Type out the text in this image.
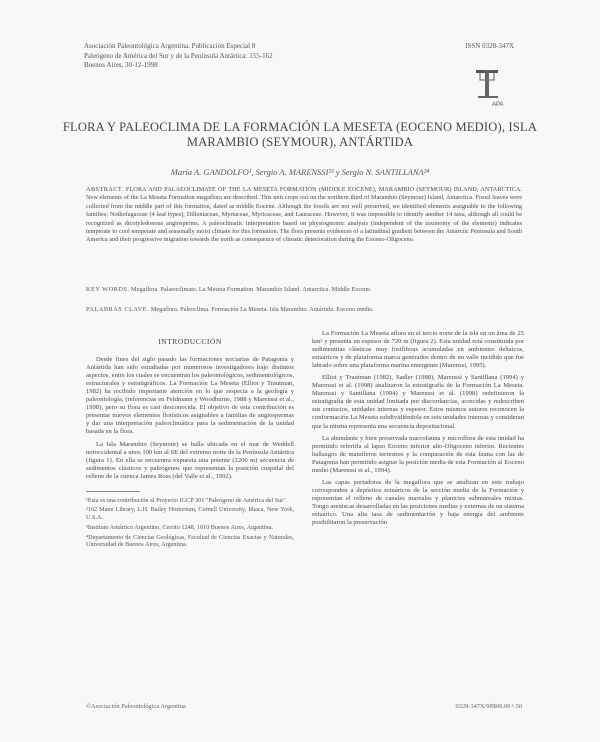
Asociación Paleontológica Argentina. Publicación Especial 8
Paleógeno de América del Sur y de la Península Antártica: 155-162
Buenos Aires, 30-12-1998
ISSN 0328-347X
APA
FLORA Y PALEOCLIMA DE LA FORMACIÓN LA MESETA (EOCENO MEDIO), ISLA MARAMBIO (SEYMOUR), ANTÁRTIDA
María A. GANDOLFO¹, Sergio A. MARENSSI²³ y Sergio N. SANTILLANA²⁴
ABSTRACT. FLORA AND PALAEOCLIMATE OF THE LA MESETA FORMATION (MIDDLE EOCENE), MARAMBIO (SEYMOUR) ISLAND, ANTARCTICA. New elements of the La Meseta Formation megaflora are described. This unit crops out on the northern third of Marambio (Seymour) Island, Antarctica. Fossil leaves were collected from the middle part of this formation, dated as middle Eocene. Although the fossils are not well preserved, we identified elements assignable to the following families: Nothofagaceae (4 leaf types), Dilleniaceae, Myrtaceae, Myricaceae, and Lauraceae. However, it was impossible to identify another 14 taxa, although all could be recognized as dicotyledonous angiosperms. A paleoclimatic interpretation based on physiognomic analysis (independent of the taxonomy of the elements) indicates temperate to cool temperate and seasonally moist climate for this formation. The flora presents evidences of a latitudinal gradient between the Antarctic Peninsula and South America and their progressive migration towards the north as consequence of climatic deterioration during the Eoceno-Oligoceno.
KEY WORDS. Megaflora. Palaeoclimate. La Meseta Formation. Marambio Island. Antarctica. Middle Eocene.
PALABRAS CLAVE. Megaflora. Paleoclima. Formación La Meseta. Isla Marambio. Antártida. Eoceno medio.
INTRODUCCIÓN

Desde fines del siglo pasado las formaciones terciarias de Patagonia y Antártida han sido estudiadas por numerosos investigadores bajo distintos aspectos, entre los cuales se encuentran los paleontológicos, sedimentológicos, estructurales y estratigráficos. La Formación La Meseta (Elliot y Trautman, 1982) ha recibido importante atención en lo que respecta a la geología y paleontología, (referencias en Feldmann y Woodburne, 1988 y Marenssi et al., 1998), pero su flora es casi desconocida. El objetivo de esta contribución es presentar nuevos elementos florísticos asignables a familias de angiospermas y dar una interpretación paleoclimática para la sedimentación de la unidad basada en la flora.

La Isla Marambio (Seymour) se halla ubicada en el mar de Weddell noroccidental a unos 100 km al SE del extremo norte de la Península Antártica (figura 1). En ella se encuentra expuesta una potente (2200 m) secuencia de sedimentos clásticos y paleógenos que representan la posición cuspidal del relleno de la cuenca James Ross (del Valle et al., 1992).

¹Esta es una contribución al Proyecto IGCP 301 "Paleógeno de América del Sur".
²162 Mann Library, L.H. Bailey Hortorium, Cornell University, Ithaca, New York, U.S.A.
³Instituto Antártico Argentino, Cerrito 1248, 1010 Buenos Aires, Argentina.
⁴Departamento de Ciencias Geológicas, Facultad de Ciencias Exactas y Naturales, Universidad de Buenos Aires, Argentina.

La Formación La Meseta aflora en el tercio norte de la isla en un área de 25 km² y presenta un espesor de 720 m (figura 2). Esta unidad está constituida por sedimentitas clásticas muy fosilíferas acumuladas en ambientes deltaicos, estuáricos y de plataforma marca generados dentro de un valle incidido que fue labrado sobre una plataforma marina emergente (Marenssi, 1995).

Elliot y Trautman (1982), Sadler (1988), Marenssi y Santillana (1994) y Marenssi et al. (1998) analizaron la estratigrafía de la Formación La Meseta. Marenssi y Santillana (1994) y Marenssi et al. (1998) redefinieron la estratigrafía de esta unidad limitada por discordancias, acrecidas y redescriben sus contactos, unidades internas y espesor. Estos mismos autores reconocen la conformación La Meseta subdividiéndola en seis unidades internas y consideran que la misma representa una secuencia depositacional.

La abundante y bien preservada macrofauna y microflora de esta unidad ha permitido referirla al lapso Eoceno inferior alto-Oligoceno inferior. Recientes hallazgos de mamíferos terrestres y la comparación de esta fauna con las de Patagonia han permitido asignar la posición media de esta Formación al Eoceno medio (Marenssi et al., 1994).

Las capas portadoras de la megaflora que se analizan en este trabajo corresponden a depósitos estuáricos de la sección media de la Formación y representan el relleno de canales mareales y planicies submareales mixtas. Tongo areniscas desarrolladas en las posiciones medias y externas de un sistema estuárico. Una alta tasa de sedimentación y baja energía del ambiente posibilitaron la preservación

©Asociación Paleontológica Argentina	0328-347X/98$00.00+.50
